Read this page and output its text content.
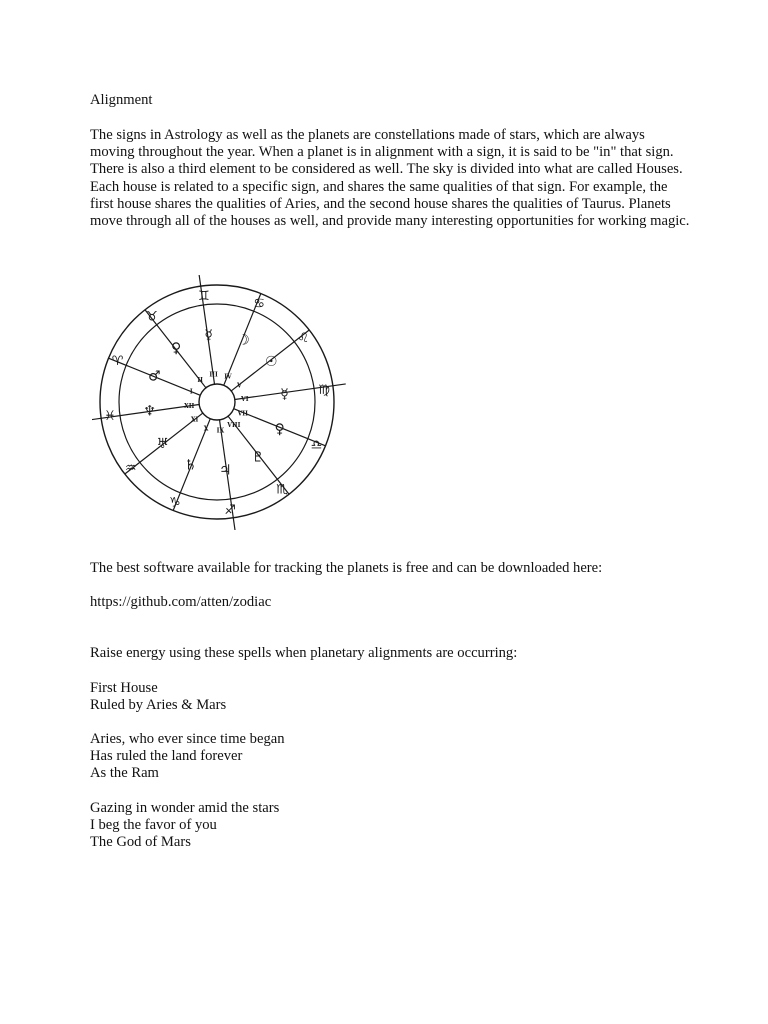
Alignment

The signs in Astrology as well as the planets are constellations made of stars, which are always moving throughout the year. When a planet is in alignment with a sign, it is said to be "in" that sign. There is also a third element to be considered as well. The sky is divided into what are called Houses. Each house is related to a specific sign, and shares the same qualities of that sign. For example, the first house shares the qualities of Aries, and the second house shares the qualities of Taurus. Planets move through all of the houses as well, and provide many interesting opportunities for working magic.

I
♂
♈
II
♀
♉
III
☿
♊
IV
☽
♋
V
☉
♌
VI ☿ ♍
VII
♀
♎
VIII
♇
♏
IX
♃
♐
X
♄
♑
XI
♅
♒
XII
♆
♓

The best software available for tracking the planets is free and can be downloaded here:

https://github.com/atten/zodiac

Raise energy using these spells when planetary alignments are occurring:

First House

Ruled by Aries & Mars

Aries, who ever since time began

Has ruled the land forever

As the Ram

Gazing in wonder amid the stars

I beg the favor of you

The God of Mars
